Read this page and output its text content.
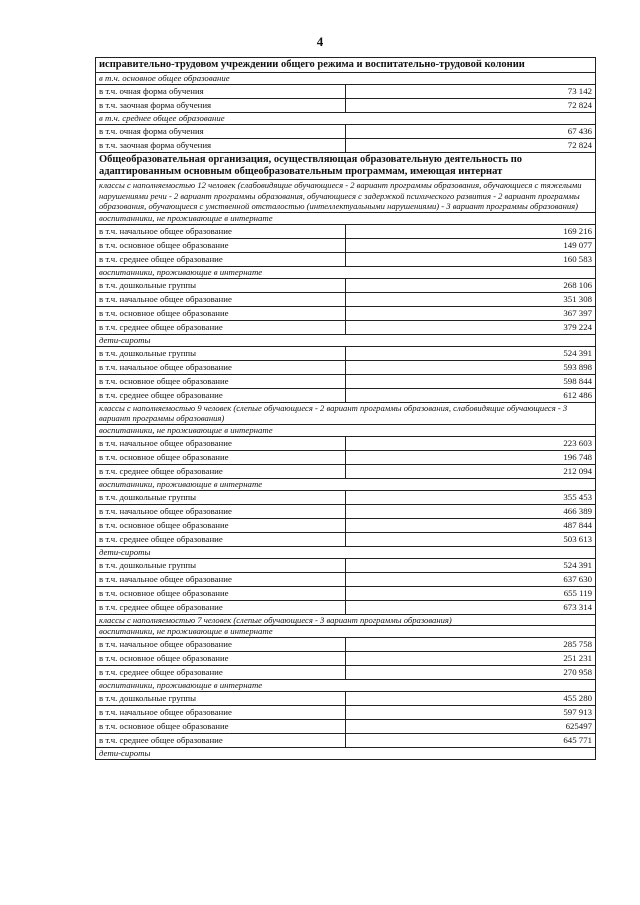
4
исправительно-трудовом учреждении общего режима и воспитательно-трудовой колонии	
в т.ч. основное общее образование	
в т.ч. очная форма обучения	73 142
в т.ч. заочная форма обучения	72 824
в т.ч. среднее общее образование	
в т.ч. очная форма обучения	67 436
в т.ч. заочная форма обучения	72 824
Общеобразовательная организация, осуществляющая образовательную деятельность по адаптированным основным общеобразовательным программам, имеющая интернат	
классы с наполняемостью 12 человек (слабовидящие обучающиеся - 2 вариант программы образования, обучающиеся с тяжелыми нарушениями речи - 2 вариант программы образования, обучающиеся с задержкой психического развития - 2 вариант программы образования, обучающиеся с умственной отсталостью (интеллектуальными нарушениями) - 3 вариант программы образования)	
воспитанники, не проживающие в интернате	
в т.ч. начальное общее образование	169 216
в т.ч. основное общее образование	149 077
в т.ч. среднее общее образование	160 583
воспитанники, проживающие в интернате	
в т.ч. дошкольные группы	268 106
в т.ч. начальное общее образование	351 308
в т.ч. основное общее образование	367 397
в т.ч. среднее общее образование	379 224
дети-сироты	
в т.ч. дошкольные группы	524 391
в т.ч. начальное общее образование	593 898
в т.ч. основное общее образование	598 844
в т.ч. среднее общее образование	612 486
классы с наполняемостью 9 человек (слепые обучающиеся - 2 вариант программы образования, слабовидящие обучающиеся - 3 вариант программы образования)	
воспитанники, не проживающие в интернате	
в т.ч. начальное общее образование	223 603
в т.ч. основное общее образование	196 748
в т.ч. среднее общее образование	212 094
воспитанники, проживающие в интернате	
в т.ч. дошкольные группы	355 453
в т.ч. начальное общее образование	466 389
в т.ч. основное общее образование	487 844
в т.ч. среднее общее образование	503 613
дети-сироты	
в т.ч. дошкольные группы	524 391
в т.ч. начальное общее образование	637 630
в т.ч. основное общее образование	655 119
в т.ч. среднее общее образование	673 314
классы с наполняемостью 7 человек (слепые обучающиеся - 3 вариант программы образования)	
воспитанники, не проживающие в интернате	
в т.ч. начальное общее образование	285 758
в т.ч. основное общее образование	251 231
в т.ч. среднее общее образование	270 958
воспитанники, проживающие в интернате	
в т.ч. дошкольные группы	455 280
в т.ч. начальное общее образование	597 913
в т.ч. основное общее образование	625497
в т.ч. среднее общее образование	645 771
дети-сироты	
